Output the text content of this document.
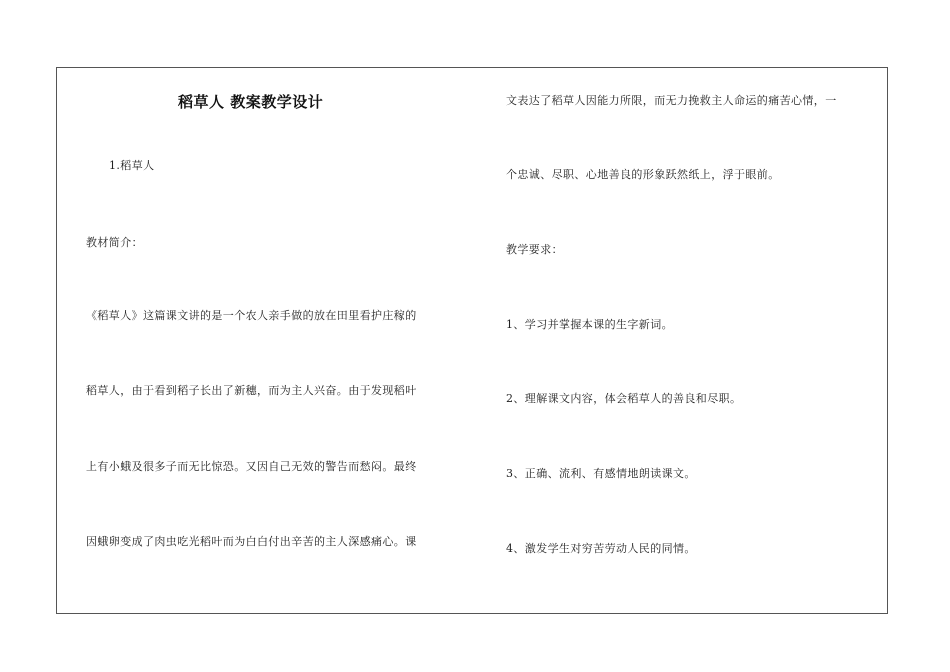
稻草人 教案教学设计
1.稻草人
教材简介：
《稻草人》这篇课文讲的是一个农人亲手做的放在田里看护庄稼的
稻草人，由于看到稻子长出了新穗，而为主人兴奋。由于发现稻叶
上有小蛾及很多子而无比惊恐。又因自己无效的警告而愁闷。最终
因蛾卵变成了肉虫吃光稻叶而为白白付出辛苦的主人深感痛心。课
文表达了稻草人因能力所限，而无力挽救主人命运的痛苦心情，一
个忠诚、尽职、心地善良的形象跃然纸上，浮于眼前。
教学要求：
1、学习并掌握本课的生字新词。
2、理解课文内容，体会稻草人的善良和尽职。
3、正确、流利、有感情地朗读课文。
4、激发学生对穷苦劳动人民的同情。
